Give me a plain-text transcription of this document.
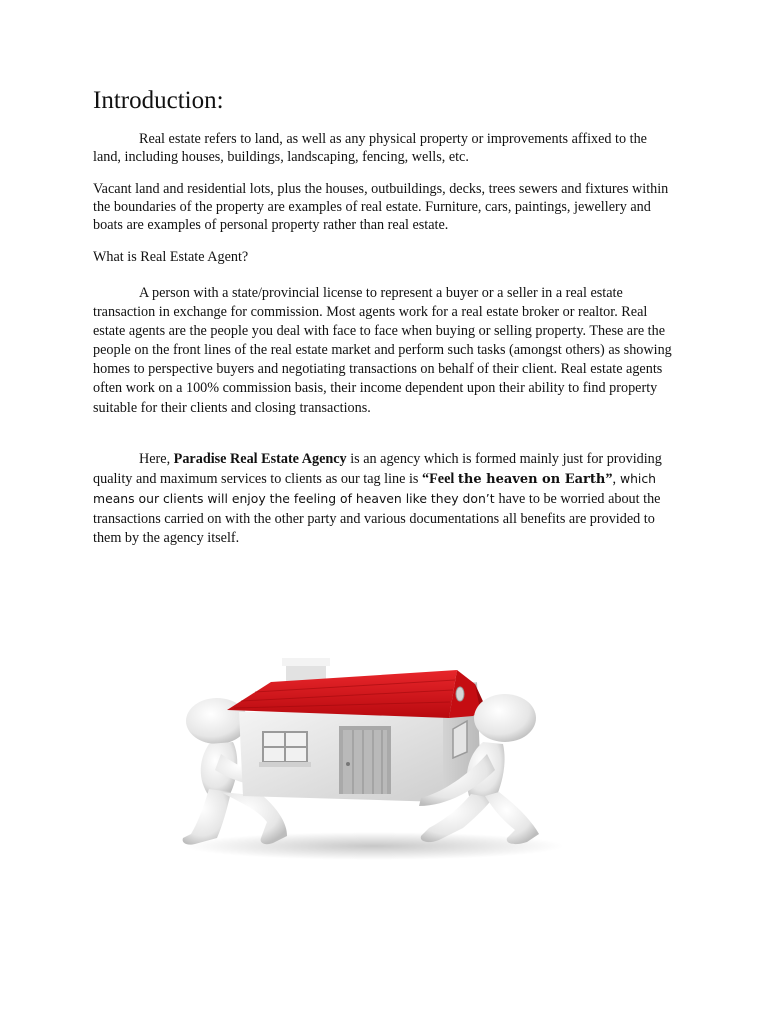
Introduction:

Real estate refers to land, as well as any physical property or improvements affixed to the land, including houses, buildings, landscaping, fencing, wells, etc.

Vacant land and residential lots, plus the houses, outbuildings, decks, trees sewers and fixtures within the boundaries of the property are examples of real estate. Furniture, cars, paintings, jewellery and boats are examples of personal property rather than real estate.

What is Real Estate Agent?

A person with a state/provincial license to represent a buyer or a seller in a real estate transaction in exchange for commission. Most agents work for a real estate broker or realtor. Real estate agents are the people you deal with face to face when buying or selling property. These are the people on the front lines of the real estate market and perform such tasks (amongst others) as showing homes to perspective buyers and negotiating transactions on behalf of their client. Real estate agents often work on a 100% commission basis, their income dependent upon their ability to find property suitable for their clients and closing transactions.

Here, Paradise Real Estate Agency is an agency which is formed mainly just for providing quality and maximum services to clients as our tag line is “Feel the heaven on Earth”, which means our clients will enjoy the feeling of heaven like they don’t have to be worried about the transactions carried on with the other party and various documentations all benefits are provided to them by the agency itself.
